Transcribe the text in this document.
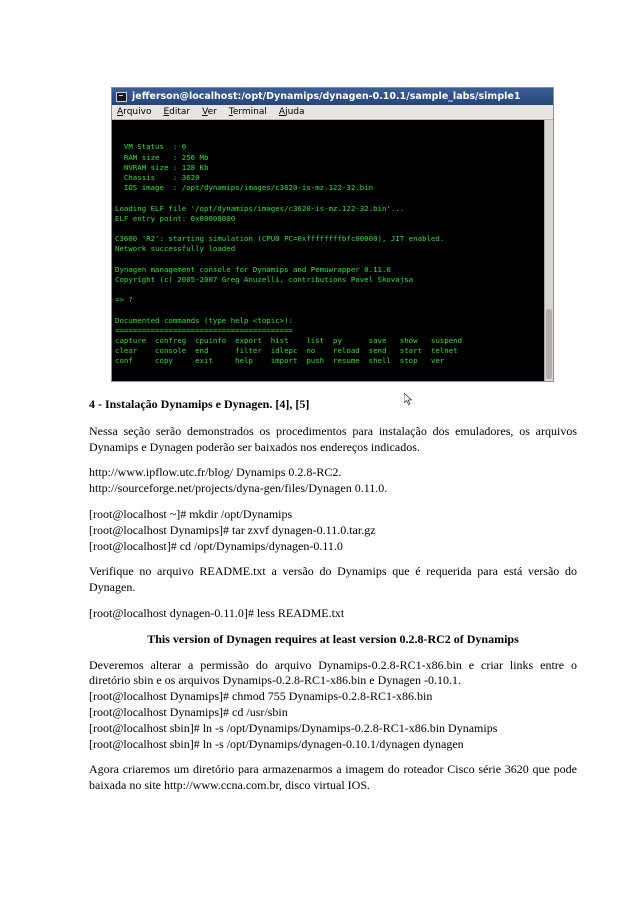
jefferson@localhost:/opt/Dynamips/dynagen-0.10.1/sample_labs/simple1
Arquivo Editar Ver Terminal Ajuda

VM Status  : 0
RAM size   : 256 Mb
NVRAM size : 128 Kb
Chassis    : 3620
IOS image  : /opt/dynamips/images/c3620-is-mz.122-32.bin
Loading ELF file '/opt/dynamips/images/c3620-is-mz.122-32.bin'...
ELF entry point: 0x80008000
C3600 'R2': starting simulation (CPU0 PC=0xffffffffbfc00000), JIT enabled.
Network successfully loaded
Dynagen management console for Dynamips and Pemuwrapper 0.11.0
Copyright (c) 2005-2007 Greg Anuzelli, contributions Pavel Skovajsa
=> ?
Documented commands (type help <topic>):
========================================
capture  confreg  cpuinfo  export  hist    list  py      save   show   suspend
clear    console  end      filter  idlepc  no    reload  send   start  telnet
conf     copy     exit     help    import  push  resume  shell  stop   ver

4 - Instalação Dynamips e Dynagen. [4], [5]

Nessa seção serão demonstrados os procedimentos para instalação dos emuladores, os arquivos Dynamips e Dynagen poderão ser baixados nos endereços indicados.

http://www.ipflow.utc.fr/blog/ Dynamips 0.2.8-RC2.

http://sourceforge.net/projects/dyna-gen/files/Dynagen 0.11.0.

[root@localhost ~]# mkdir /opt/Dynamips

[root@localhost Dynamips]# tar zxvf dynagen-0.11.0.tar.gz

[root@localhost]# cd /opt/Dynamips/dynagen-0.11.0

Verifique no arquivo README.txt a versão do Dynamips que é requerida para está versão do Dynagen.

[root@localhost dynagen-0.11.0]# less README.txt

This version of Dynagen requires at least version 0.2.8-RC2 of Dynamips

Deveremos alterar a permissão do arquivo Dynamips-0.2.8-RC1-x86.bin e criar links entre o diretório sbin e os arquivos Dynamips-0.2.8-RC1-x86.bin e Dynagen -0.10.1.

[root@localhost Dynamips]# chmod 755 Dynamips-0.2.8-RC1-x86.bin

[root@localhost Dynamips]# cd /usr/sbin

[root@localhost sbin]# ln -s /opt/Dynamips/Dynamips-0.2.8-RC1-x86.bin Dynamips

[root@localhost sbin]# ln -s /opt/Dynamips/dynagen-0.10.1/dynagen dynagen

Agora criaremos um diretório para armazenarmos a imagem do roteador Cisco série 3620 que pode baixada no site http://www.ccna.com.br, disco virtual IOS.
